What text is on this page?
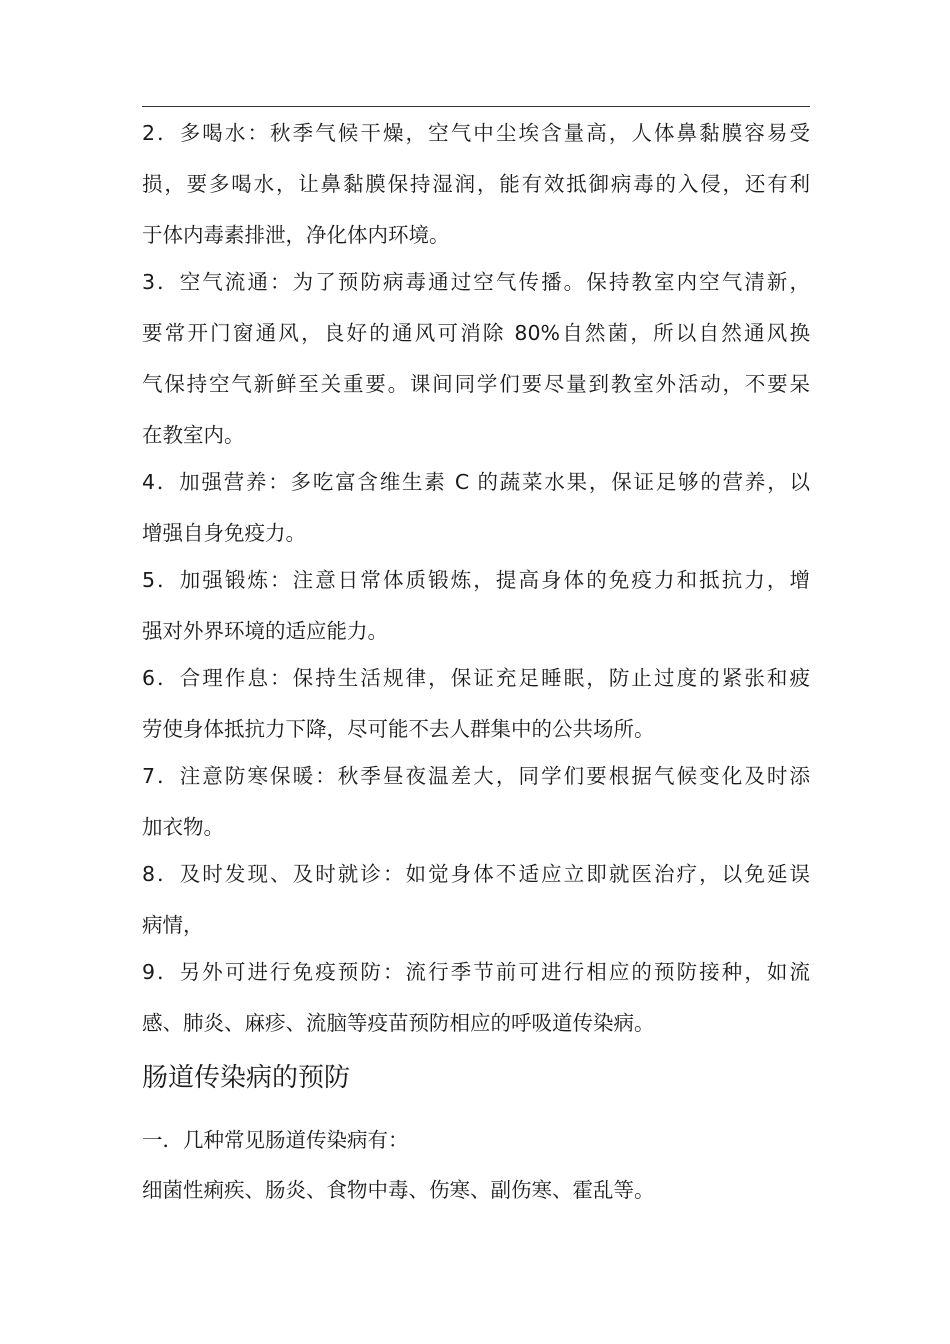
2．多喝水：秋季气候干燥，空气中尘埃含量高，人体鼻黏膜容易受
损，要多喝水，让鼻黏膜保持湿润，能有效抵御病毒的入侵，还有利
于体内毒素排泄，净化体内环境。

3．空气流通：为了预防病毒通过空气传播。保持教室内空气清新，
要常开门窗通风，良好的通风可消除 80%自然菌，所以自然通风换
气保持空气新鲜至关重要。课间同学们要尽量到教室外活动，不要呆
在教室内。

4．加强营养：多吃富含维生素 C 的蔬菜水果，保证足够的营养，以
增强自身免疫力。

5．加强锻炼：注意日常体质锻炼，提高身体的免疫力和抵抗力，增
强对外界环境的适应能力。

6．合理作息：保持生活规律，保证充足睡眠，防止过度的紧张和疲
劳使身体抵抗力下降，尽可能不去人群集中的公共场所。

7．注意防寒保暖：秋季昼夜温差大，同学们要根据气候变化及时添
加衣物。

8．及时发现、及时就诊：如觉身体不适应立即就医治疗，以免延误
病情，

9．另外可进行免疫预防：流行季节前可进行相应的预防接种，如流
感、肺炎、麻疹、流脑等疫苗预防相应的呼吸道传染病。

肠道传染病的预防
一．几种常见肠道传染病有：
细菌性痢疾、肠炎、食物中毒、伤寒、副伤寒、霍乱等。
